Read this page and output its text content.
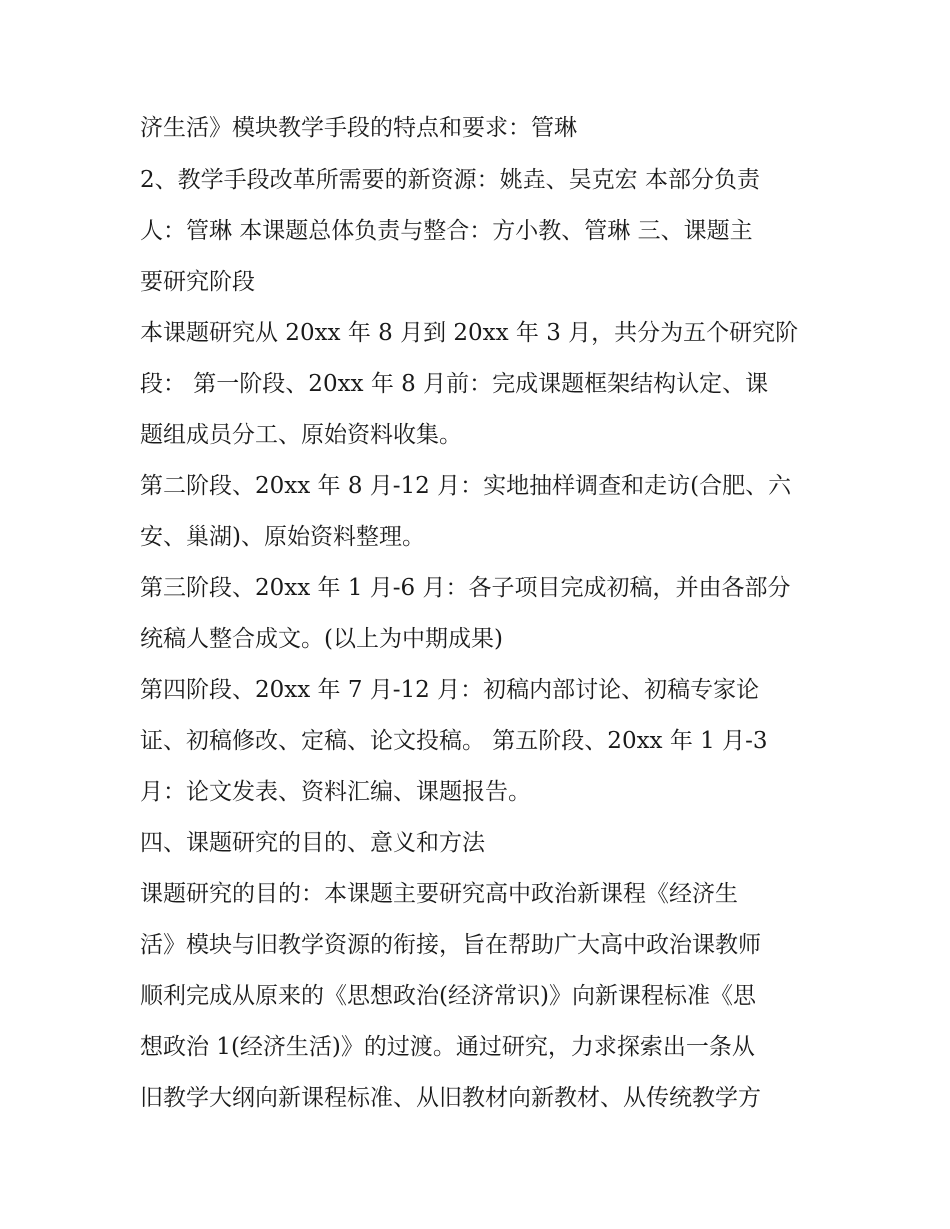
济生活》模块教学手段的特点和要求：管琳

2、教学手段改革所需要的新资源：姚垚、吴克宏 本部分负责

人：管琳 本课题总体负责与整合：方小教、管琳 三、课题主

要研究阶段

本课题研究从 20xx 年 8 月到 20xx 年 3 月，共分为五个研究阶

段： 第一阶段、20xx 年 8 月前：完成课题框架结构认定、课

题组成员分工、原始资料收集。

第二阶段、20xx 年 8 月-12 月：实地抽样调查和走访(合肥、六

安、巢湖)、原始资料整理。

第三阶段、20xx 年 1 月-6 月：各子项目完成初稿，并由各部分

统稿人整合成文。(以上为中期成果)

第四阶段、20xx 年 7 月-12 月：初稿内部讨论、初稿专家论

证、初稿修改、定稿、论文投稿。 第五阶段、20xx 年 1 月-3

月：论文发表、资料汇编、课题报告。

四、课题研究的目的、意义和方法

课题研究的目的：本课题主要研究高中政治新课程《经济生

活》模块与旧教学资源的衔接，旨在帮助广大高中政治课教师

顺利完成从原来的《思想政治(经济常识)》向新课程标准《思

想政治 1(经济生活)》的过渡。通过研究，力求探索出一条从

旧教学大纲向新课程标准、从旧教材向新教材、从传统教学方
